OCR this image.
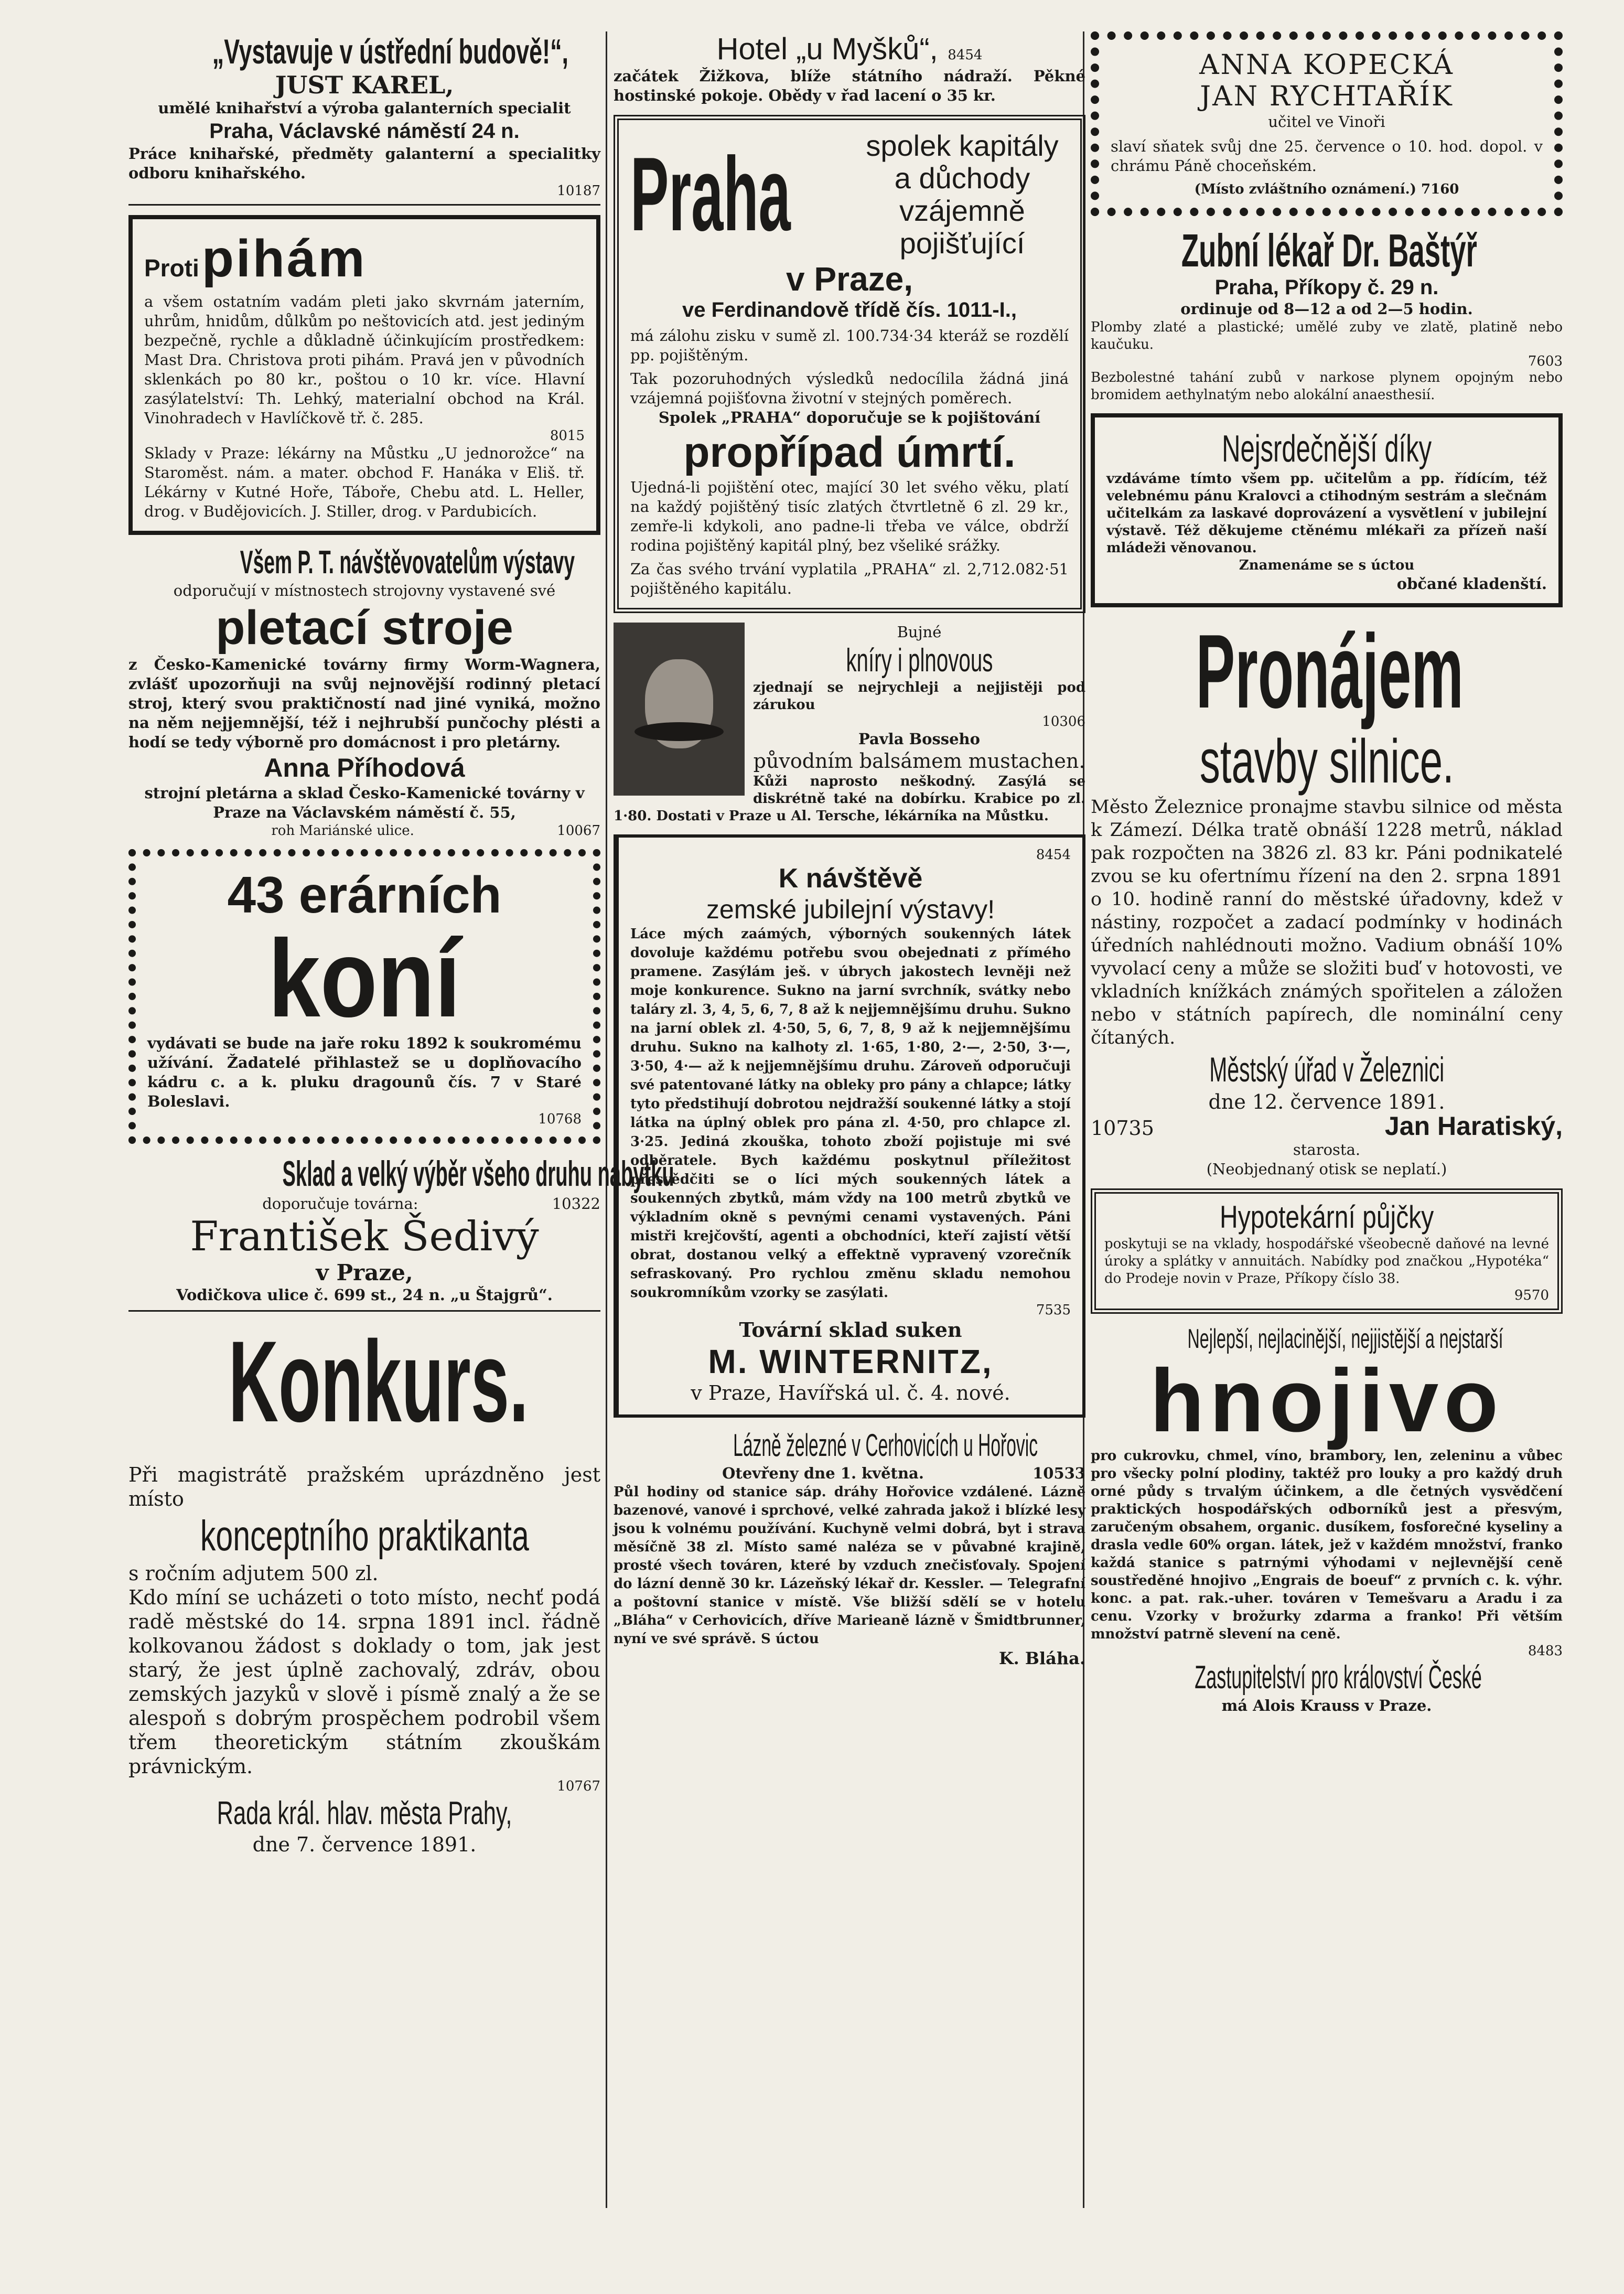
„Vystavuje v ústřední budově!“,
JUST KAREL,
umělé knihařství a výroba galanterních specialit
Praha, Václavské náměstí 24 n.
Práce knihařské, předměty galanterní a specialitky odboru knihařského.
10187
Proti pihám
a všem ostatním vadám pleti jako skvrnám jaterním, uhrům, hnidům, důlkům po neštovicích atd. jest jediným bezpečně, rychle a důkladně účinkujícím prostředkem: Mast Dra. Christova proti pihám. Pravá jen v původních sklenkách po 80 kr., poštou o 10 kr. více. Hlavní zasýlatelství: Th. Lehký, materialní obchod na Král. Vinohradech v Havlíčkově tř. č. 285.
8015
Sklady v Praze: lékárny na Můstku „U jednorožce“ na Staroměst. nám. a mater. obchod F. Hanáka v Eliš. tř. Lékárny v Kutné Hoře, Táboře, Chebu atd. L. Heller, drog. v Budějovicích. J. Stiller, drog. v Pardubicích.
Všem P. T. návštěvovatelům výstavy
odporučují v místnostech strojovny vystavené své
pletací stroje
z Česko-Kamenické továrny firmy Worm-Wagnera, zvlášť upozorňuji na svůj nejnovější rodinný pletací stroj, který svou praktičností nad jiné vyniká, možno na něm nejjemnější, též i nejhrubší punčochy plésti a hodí se tedy výborně pro domácnost i pro pletárny.
Anna Příhodová
strojní pletárna a sklad Česko-Kamenické továrny v Praze na Václavském náměstí č. 55,
roh Mariánské ulice.	10067
43 erárních
koní
vydávati se bude na jaře roku 1892 k soukromému užívání. Žadatelé přihlastež se u doplňovacího kádru c. a k. pluku dragounů čís. 7 v Staré Boleslavi.
10768
Sklad a velký výběr všeho druhu nábytku
doporučuje továrna:	10322
František Šedivý
v Praze,
Vodičkova ulice č. 699 st., 24 n. „u Štajgrů“.
Konkurs.
Při magistrátě pražském uprázdněno jest místo
konceptního praktikanta
s ročním adjutem 500 zl.
Kdo míní se ucházeti o toto místo, nechť podá radě městské do 14. srpna 1891 incl. řádně kolkovanou žádost s doklady o tom, jak jest starý, že jest úplně zachovalý, zdráv, obou zemských jazyků v slově i písmě znalý a že se alespoň s dobrým prospěchem podrobil všem třem theoretickým státním zkouškám právnickým.
10767
Rada král. hlav. města Prahy,
dne 7. července 1891.
Hotel „u Myšků“, 8454
začátek Žižkova, blíže státního nádraží. Pěkné hostinské pokoje. Obědy v řad lacení o 35 kr.
Praha	spolek kapitály a důchody vzájemně pojišťující
v Praze,
ve Ferdinandově třídě čís. 1011-I.,
má zálohu zisku v sumě zl. 100.734·34 kteráž se rozdělí pp. pojištěným.
Tak pozoruhodných výsledků nedocílila žádná jiná vzájemná pojišťovna životní v stejných poměrech.
Spolek „PRAHA“ doporučuje se k pojištování
propřípad úmrtí.
Ujedná-li pojištění otec, mající 30 let svého věku, platí na každý pojištěný tisíc zlatých čtvrtletně 6 zl. 29 kr., zemře-li kdykoli, ano padne-li třeba ve válce, obdrží rodina pojištěný kapitál plný, bez všeliké srážky.
Za čas svého trvání vyplatila „PRAHA“ zl. 2,712.082·51 pojištěného kapitálu.
Bujné
kníry i plnovous
zjednají se nejrychleji a nejjistěji pod zárukou
10306
Pavla Bosseho
původním balsámem mustachen.
Kůži naprosto neškodný. Zasýlá se diskrétně také na dobírku. Krabice po zl. 1·80. Dostati v Praze u Al. Tersche, lékárníka na Můstku.
8454
K návštěvě
zemské jubilejní výstavy!
Láce mých zaámých, výborných soukenných látek dovoluje každému potřebu svou obejednati z přímého pramene. Zasýlám ješ. v úbrych jakostech levněji než moje konkurence. Sukno na jarní svrchník, svátky nebo taláry zl. 3, 4, 5, 6, 7, 8 až k nejjemnějšímu druhu. Sukno na jarní oblek zl. 4·50, 5, 6, 7, 8, 9 až k nejjemnějšímu druhu. Sukno na kalhoty zl. 1·65, 1·80, 2·—, 2·50, 3·—, 3·50, 4·— až k nejjemnějšímu druhu. Zároveň odporučuji své patentované látky na obleky pro pány a chlapce; látky tyto předstihují dobrotou nejdražší soukenné látky a stojí látka na úplný oblek pro pána zl. 4·50, pro chlapce zl. 3·25. Jediná zkouška, tohoto zboží pojistuje mi své odběratele. Bych každému poskytnul příležitost přesvědčiti se o líci mých soukenných látek a soukenných zbytků, mám vždy na 100 metrů zbytků ve výkladním okně s pevnými cenami vystavených. Páni mistři krejčovští, agenti a obchodníci, kteří zajistí větší obrat, dostanou velký a effektně vypravený vzorečník sefraskovaný. Pro rychlou změnu skladu nemohou soukromníkům vzorky se zasýlati.
7535
Tovární sklad suken
M. WINTERNITZ,
v Praze, Havířská ul. č. 4. nové.
Lázně železné v Cerhovicích u Hořovic
Otevřeny dne 1. května.	10533
Půl hodiny od stanice sáp. dráhy Hořovice vzdálené. Lázně bazenové, vanové i sprchové, velké zahrada jakož i blízké lesy jsou k volnému používání. Kuchyně velmi dobrá, byt i strava měsíčně 38 zl. Místo samé naléza se v půvabné krajině, prosté všech továren, které by vzduch znečisťovaly. Spojení do lázní denně 30 kr. Lázeňský lékař dr. Kessler. — Telegrafní a poštovní stanice v místě. Vše bližší sdělí se v hotelu „Bláha“ v Cerhovicích, dříve Marieaně lázně v Šmidtbrunner, nyní ve své správě. S úctou
K. Bláha.
ANNA KOPECKÁ
JAN RYCHTAŘÍK
učitel ve Vinoři
slaví sňatek svůj dne 25. července o 10. hod. dopol. v chrámu Páně choceňském.
(Místo zvláštního oznámení.) 7160
Zubní lékař Dr. Baštýř
Praha, Příkopy č. 29 n.
ordinuje od 8—12 a od 2—5 hodin.
Plomby zlaté a plastické; umělé zuby ve zlatě, platině nebo kaučuku.
7603
Bezbolestné tahání zubů v narkose plynem opojným nebo bromidem aethylnatým nebo alokální anaesthesií.
Nejsrdečnější díky
vzdáváme tímto všem pp. učitelům a pp. řídícím, též velebnému pánu Kralovci a ctihodným sestrám a slečnám učitelkám za laskavé doprovázení a vysvětlení v jubilejní výstavě. Též děkujeme ctěnému mlékaři za přízeň naší mládeži věnovanou.
Znamenáme se s úctou
občané kladenští.
Pronájem
stavby silnice.
Město Železnice pronajme stavbu silnice od města k Zámezí. Délka tratě obnáší 1228 metrů, náklad pak rozpočten na 3826 zl. 83 kr. Páni podnikatelé zvou se ku ofertnímu řízení na den 2. srpna 1891 o 10. hodině ranní do městské úřadovny, kdež v nástiny, rozpočet a zadací podmínky v hodinách úředních nahlédnouti možno. Vadium obnáší 10% vyvolací ceny a může se složiti buď v hotovosti, ve vkladních knížkách známých spořitelen a záložen nebo v státních papírech, dle nominální ceny čítaných.
Městský úřad v Železnici
dne 12. července 1891.
10735	Jan Haratiský,
starosta.
(Neobjednaný otisk se neplatí.)
Hypotekární půjčky
poskytuji se na vklady, hospodářské všeobecně daňové na levné úroky a splátky v annuitách. Nabídky pod značkou „Hypotéka“ do Prodeje novin v Praze, Příkopy číslo 38.
9570
Nejlepší, nejlacinější, nejjistější a nejstarší
hnojivo
pro cukrovku, chmel, víno, brambory, len, zeleninu a vůbec pro všecky polní plodiny, taktéž pro louky a pro každý druh orné půdy s trvalým účinkem, a dle četných vysvědčení praktických hospodářských odborníků jest a přesvým, zaručeným obsahem, organic. dusíkem, fosforečné kyseliny a drasla vedle 60% organ. látek, jež v každém množství, franko každá stanice s patrnými výhodami v nejlevnější ceně soustředěné hnojivo „Engrais de boeuf“ z prvních c. k. výhr. konc. a pat. rak.-uher. továren v Temešvaru a Aradu i za cenu. Vzorky v brožurky zdarma a franko! Při větším množství patrně slevení na ceně.
8483
Zastupitelství pro království České
má Alois Krauss v Praze.
